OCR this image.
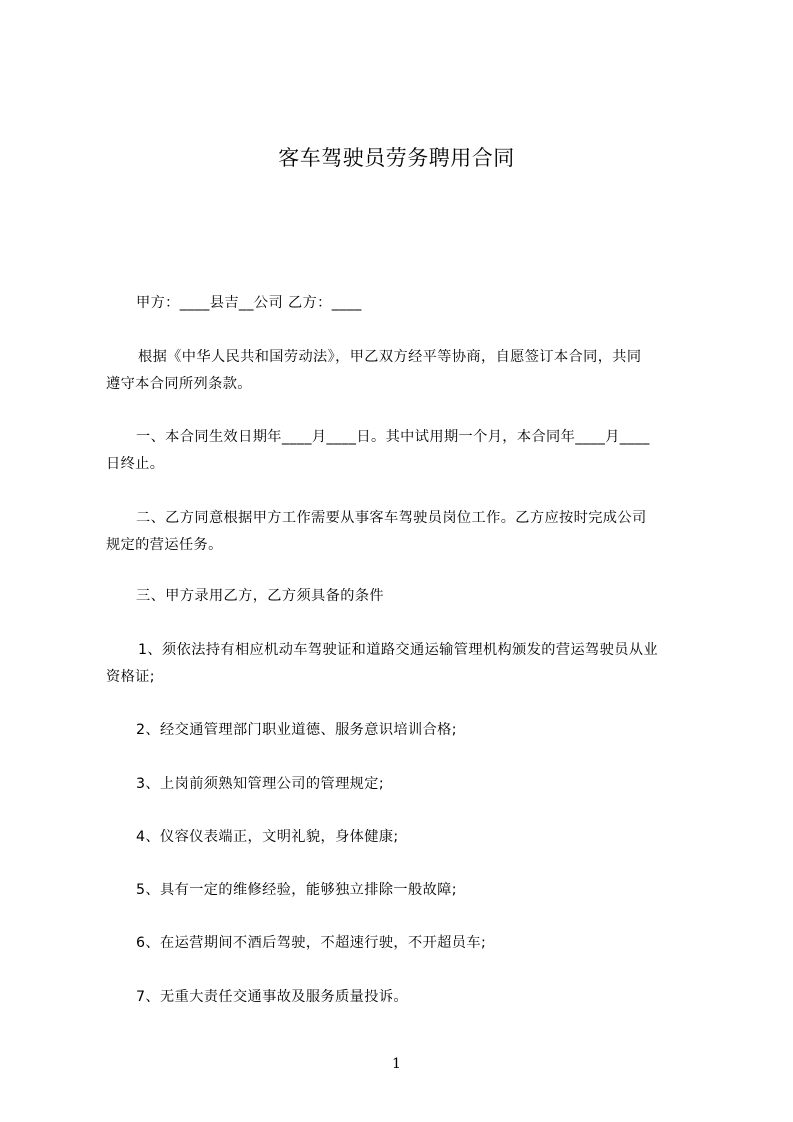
客车驾驶员劳务聘用合同
甲方：____县吉__公司 乙方：____
根据《中华人民共和国劳动法》，甲乙双方经平等协商，自愿签订本合同，共同
遵守本合同所列条款。
一、本合同生效日期年____月____日。其中试用期一个月，本合同年____月____
日终止。
二、乙方同意根据甲方工作需要从事客车驾驶员岗位工作。乙方应按时完成公司
规定的营运任务。
三、甲方录用乙方，乙方须具备的条件
1、须依法持有相应机动车驾驶证和道路交通运输管理机构颁发的营运驾驶员从业
资格证;
2、经交通管理部门职业道德、服务意识培训合格;
3、上岗前须熟知管理公司的管理规定;
4、仪容仪表端正，文明礼貌，身体健康;
5、具有一定的维修经验，能够独立排除一般故障;
6、在运营期间不酒后驾驶，不超速行驶，不开超员车;
7、无重大责任交通事故及服务质量投诉。
1
